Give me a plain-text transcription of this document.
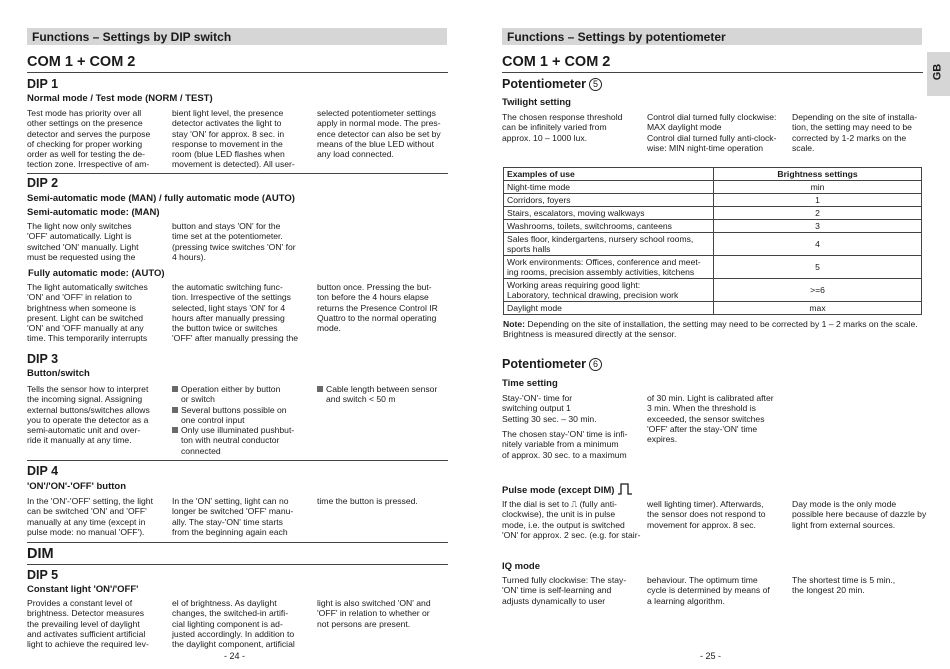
Functions – Settings by DIP switch
COM 1 + COM 2
DIP 1
Normal mode / Test mode (NORM / TEST)
Test mode has priority over all
other settings on the presence
detector and serves the purpose
of checking for proper working
order as well for testing the de-
tection zone. Irrespective of am-
bient light level, the presence
detector activates the light to
stay 'ON' for approx. 8 sec. in
response to movement in the
room (blue LED flashes when
movement is detected). All user-
selected potentiometer settings
apply in normal mode. The pres-
ence detector can also be set by
means of the blue LED without
any load connected.
DIP 2
Semi-automatic mode (MAN) / fully automatic mode (AUTO)
Semi-automatic mode: (MAN)
The light now only switches
'OFF' automatically. Light is
switched 'ON' manually. Light
must be requested using the
button and stays 'ON' for the
time set at the potentiometer.
(pressing twice switches 'ON' for
4 hours).
Fully automatic mode: (AUTO)
The light automatically switches
'ON' and 'OFF' in relation to
brightness when someone is
present. Light can be switched
'ON' and 'OFF manually at any
time. This temporarily interrupts
the automatic switching func-
tion. Irrespective of the settings
selected, light stays 'ON' for 4
hours after manually pressing
the button twice or switches
'OFF' after manually pressing the
button once. Pressing the but-
ton before the 4 hours elapse
returns the Presence Control IR
Quattro to the normal operating
mode.
DIP 3
Button/switch
Tells the sensor how to interpret
the incoming signal. Assigning
external buttons/switches allows
you to operate the detector as a
semi-automatic unit and over-
ride it manually at any time.
Operation either by button
or switch
Several buttons possible on
one control input
Only use illuminated pushbut-
ton with neutral conductor
connected
Cable length between sensor
and switch < 50 m
DIP 4
'ON'/'ON'-'OFF' button
In the 'ON'-'OFF' setting, the light
can be switched 'ON' and 'OFF'
manually at any time (except in
pulse mode: no manual 'OFF').
In the 'ON' setting, light can no
longer be switched 'OFF' manu-
ally. The stay-'ON' time starts
from the beginning again each
time the button is pressed.
DIM
DIP 5
Constant light 'ON'/'OFF'
Provides a constant level of
brightness. Detector measures
the prevailing level of daylight
and activates sufficient artificial
light to achieve the required lev-
el of brightness. As daylight
changes, the switched-in artifi-
cial lighting component is ad-
justed accordingly. In addition to
the daylight component, artificial
light is also switched 'ON' and
'OFF' in relation to whether or
not persons are present.
- 24 -
Functions – Settings by potentiometer
GB
COM 1 + COM 2
Potentiometer 5
Twilight setting
The chosen response threshold
can be infinitely varied from
approx. 10 – 1000 lux.
Control dial turned fully clockwise:
MAX daylight mode
Control dial turned fully anti-clock-
wise: MIN night-time operation
Depending on the site of installa-
tion, the setting may need to be
corrected by 1-2 marks on the
scale.
Examples of use	Brightness settings
Night-time mode	min
Corridors, foyers	1
Stairs, escalators, moving walkways	2
Washrooms, toilets, switchrooms, canteens	3
Sales floor, kindergartens, nursery school rooms,
sports halls	4
Work environments: Offices, conference and meet-
ing rooms, precision assembly activities, kitchens	5
Working areas requiring good light:
Laboratory, technical drawing, precision work	>=6
Daylight mode	max
Note: Depending on the site of installation, the setting may need to be corrected by 1 – 2 marks on the scale. Brightness is measured directly at the sensor.
Potentiometer 6
Time setting
Stay-'ON'- time for
switching output 1
Setting 30 sec. – 30 min.
The chosen stay-'ON' time is infi-
nitely variable from a minimum
of approx. 30 sec. to a maximum
of 30 min. Light is calibrated after
3 min. When the threshold is
exceeded, the sensor switches
'OFF' after the stay-'ON' time
expires.
Pulse mode (except DIM)
If the dial is set to ⎍ (fully anti-
clockwise), the unit is in pulse
mode, i.e. the output is switched
'ON' for approx. 2 sec. (e.g. for stair-
well lighting timer). Afterwards,
the sensor does not respond to
movement for approx. 8 sec.
Day mode is the only mode
possible here because of dazzle by
light from external sources.
IQ mode
Turned fully clockwise: The stay-
'ON' time is self-learning and
adjusts dynamically to user
behaviour. The optimum time
cycle is determined by means of
a learning algorithm.
The shortest time is 5 min.,
the longest 20 min.
- 25 -
